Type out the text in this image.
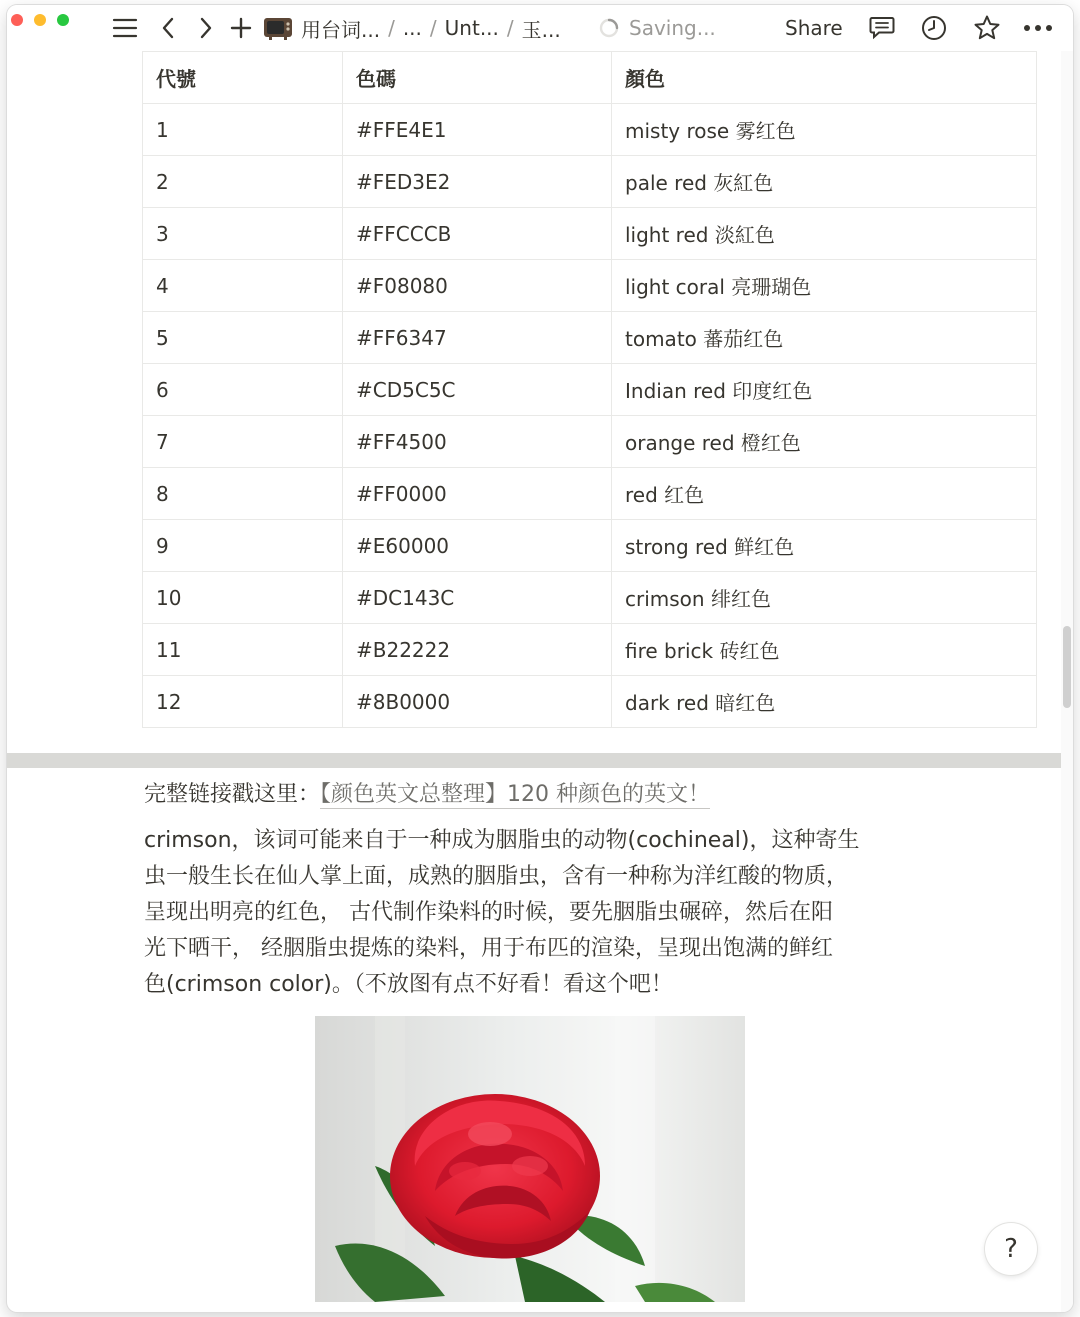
用台词... / ... / Unt... / 玉...	Saving...	Share
代號	色碼	顏色
1	#FFE4E1	misty rose 雾红色
2	#FED3E2	pale red 灰紅色
3	#FFCCCB	light red 淡紅色
4	#F08080	light coral 亮珊瑚色
5	#FF6347	tomato 蕃茄红色
6	#CD5C5C	Indian red 印度红色
7	#FF4500	orange red 橙红色
8	#FF0000	red 红色
9	#E60000	strong red 鲜红色
10	#DC143C	crimson 绯红色
11	#B22222	fire brick 砖红色
12	#8B0000	dark red 暗红色
完整链接戳这里：【颜色英文总整理】120 种颜色的英文！

crimson，该词可能来自于一种成为胭脂虫的动物(cochineal)，这种寄生

虫一般生长在仙人掌上面，成熟的胭脂虫，含有一种称为洋红酸的物质，

呈现出明亮的红色， 古代制作染料的时候，要先胭脂虫碾碎，然后在阳

光下晒干， 经胭脂虫提炼的染料，用于布匹的渲染，呈现出饱满的鲜红

色(crimson color)。（不放图有点不好看！看这个吧！

?
